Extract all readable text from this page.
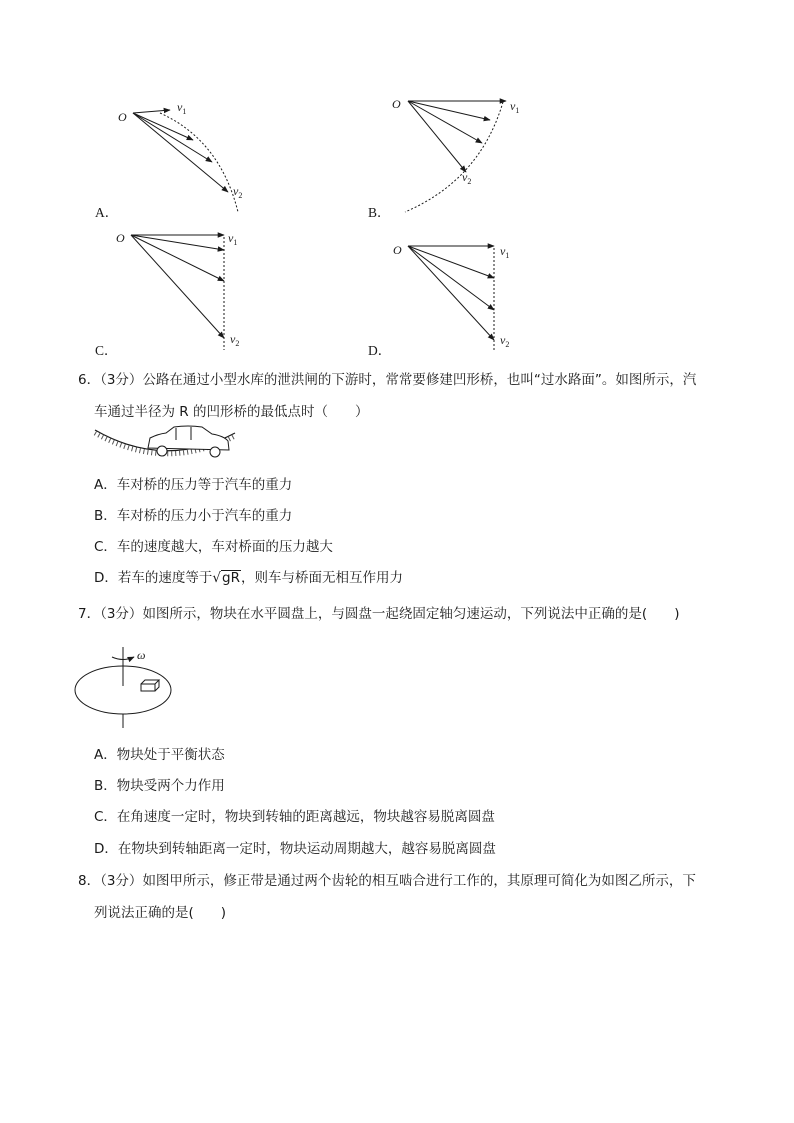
O
$v_1$
$v_2$
A．
O	$v_1$
$v_2$
B．
O	$v_1$
$v_2$
C．
O	$v_1$
$v_2$
D．
6．（3分）公路在通过小型水库的泄洪闸的下游时，常常要修建凹形桥，也叫“过水路面”。如图所示，汽
车通过半径为 R 的凹形桥的最低点时（　　）
A．车对桥的压力等于汽车的重力
B．车对桥的压力小于汽车的重力
C．车的速度越大，车对桥面的压力越大
D．若车的速度等于√gR，则车与桥面无相互作用力
7．（3分）如图所示，物块在水平圆盘上，与圆盘一起绕固定轴匀速运动，下列说法中正确的是(　　)
ω
A．物块处于平衡状态
B．物块受两个力作用
C．在角速度一定时，物块到转轴的距离越远，物块越容易脱离圆盘
D．在物块到转轴距离一定时，物块运动周期越大，越容易脱离圆盘
8．（3分）如图甲所示，修正带是通过两个齿轮的相互啮合进行工作的，其原理可简化为如图乙所示，下
列说法正确的是(　　)
